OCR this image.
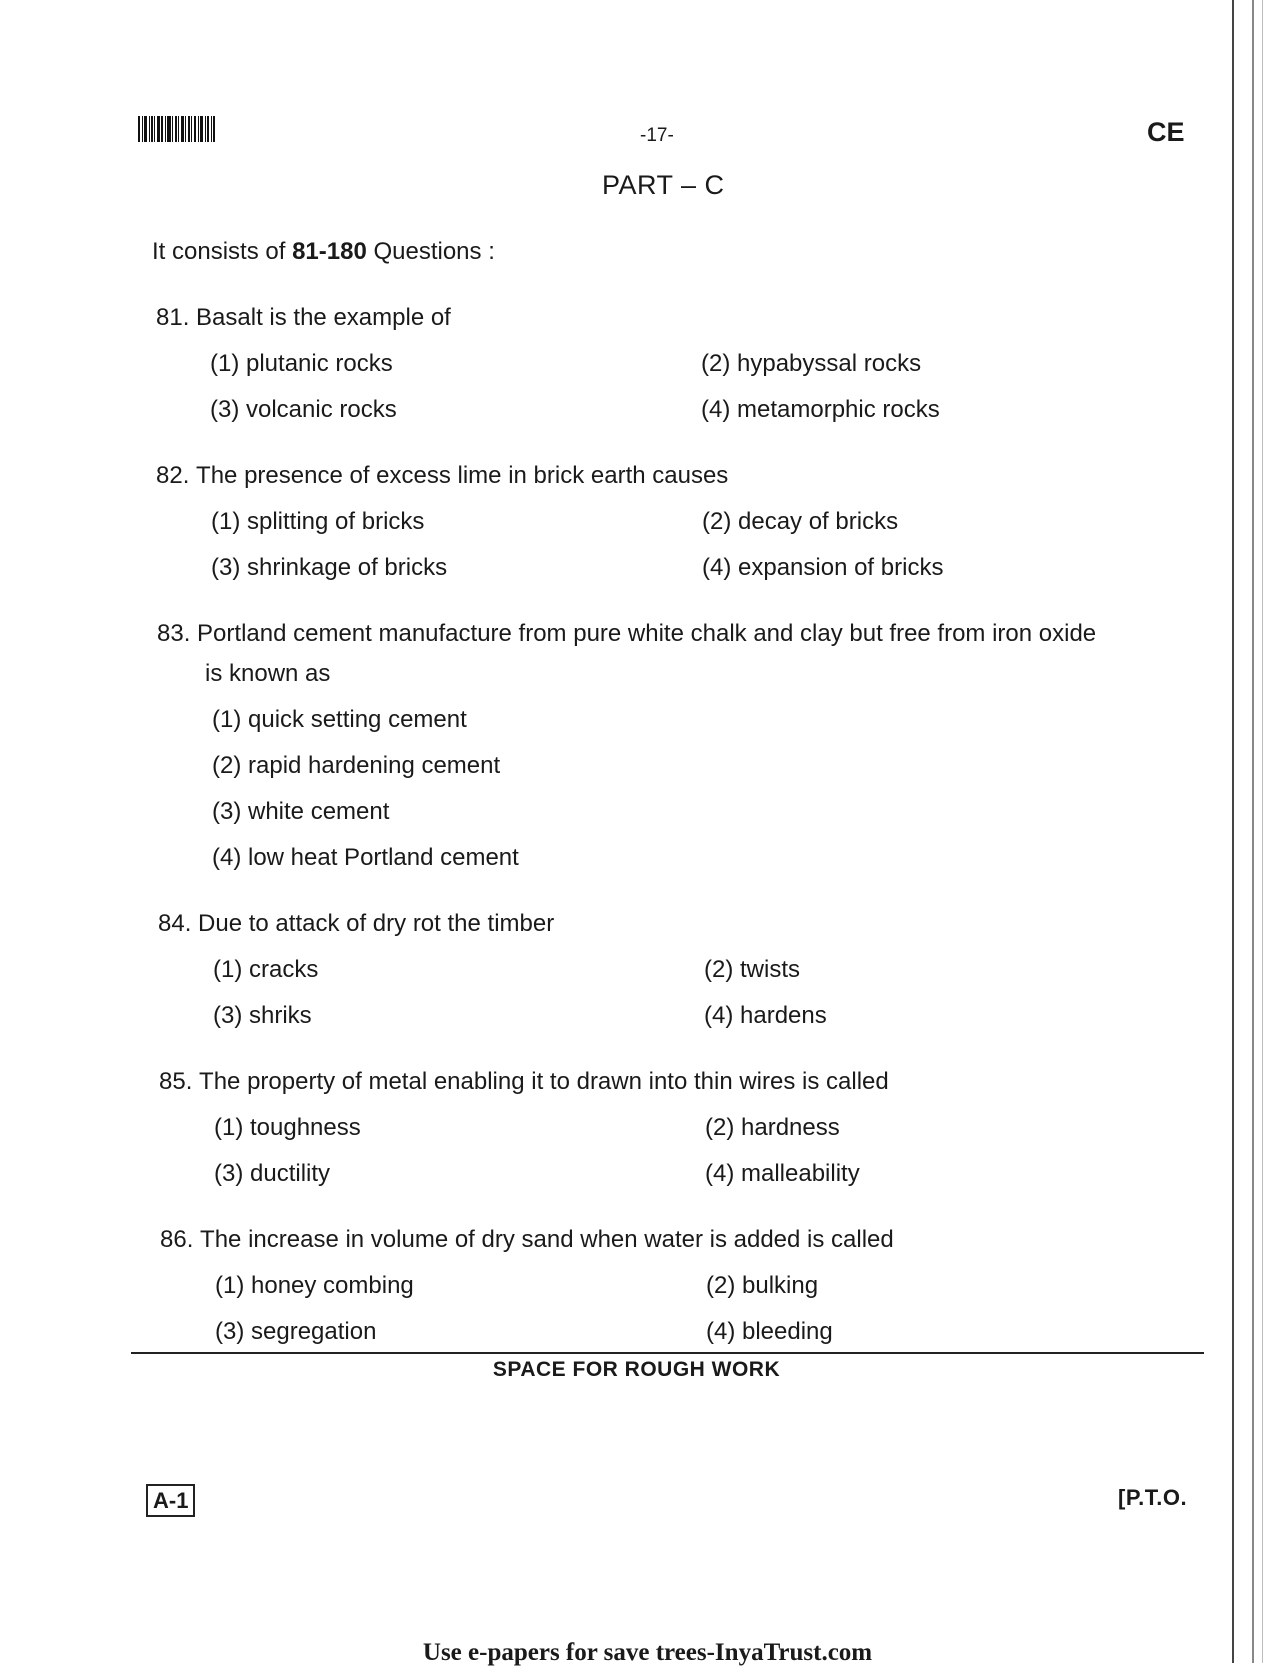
-17-	CE
PART – C
It consists of 81-180 Questions :
81. Basalt is the example of
(1) plutanic rocks	(2) hypabyssal rocks
(3) volcanic rocks	(4) metamorphic rocks
82. The presence of excess lime in brick earth causes
(1) splitting of bricks	(2) decay of bricks
(3) shrinkage of bricks	(4) expansion of bricks
83. Portland cement manufacture from pure white chalk and clay but free from iron oxide
is known as
(1) quick setting cement
(2) rapid hardening cement
(3) white cement
(4) low heat Portland cement
84. Due to attack of dry rot the timber
(1) cracks	(2) twists
(3) shriks	(4) hardens
85. The property of metal enabling it to drawn into thin wires is called
(1) toughness	(2) hardness
(3) ductility	(4) malleability
86. The increase in volume of dry sand when water is added is called
(1) honey combing	(2) bulking
(3) segregation	(4) bleeding
SPACE FOR ROUGH WORK
A-1	[P.T.O.
Use e-papers for save trees-InyaTrust.com
